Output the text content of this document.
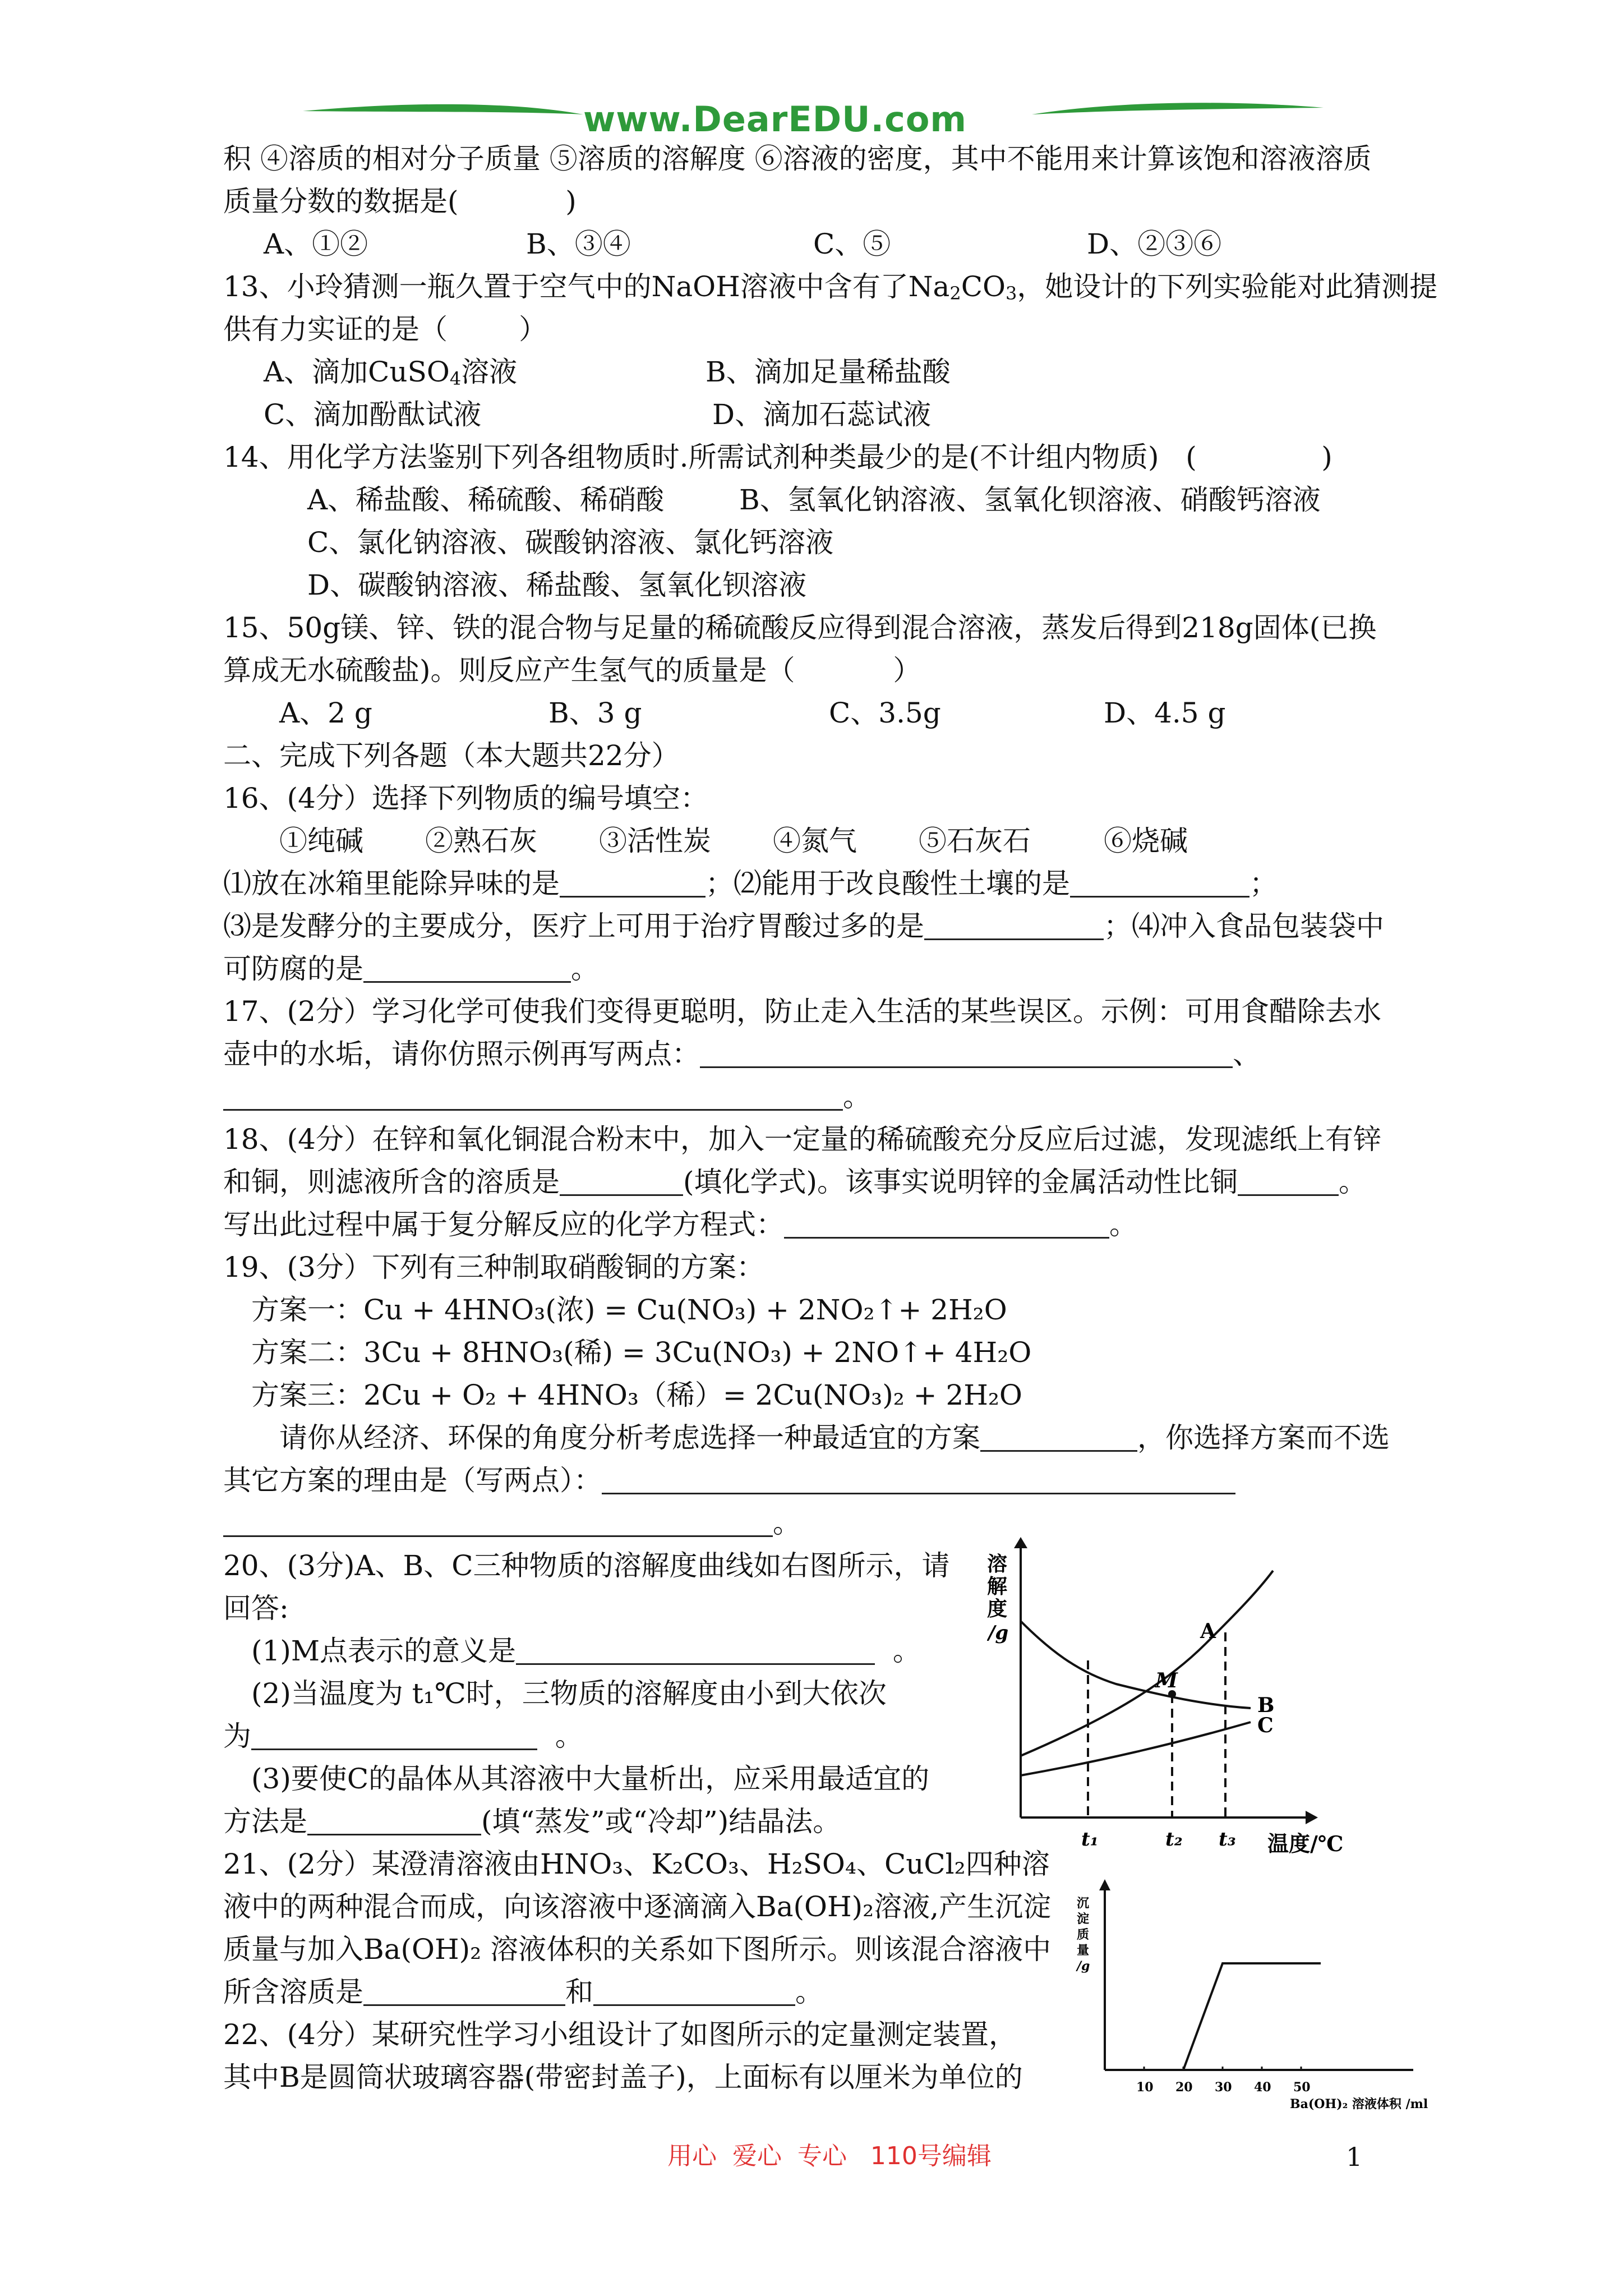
www.DearEDU.com
积 ④溶质的相对分子质量 ⑤溶质的溶解度 ⑥溶液的密度，其中不能用来计算该饱和溶液溶质
质量分数的数据是(            )
A、①②	B、③④	C、⑤	D、②③⑥
13、小玲猜测一瓶久置于空气中的NaOH溶液中含有了$Na_2CO_3$，她设计的下列实验能对此猜测提
供有力实证的是（        ）
A、滴加CuSO$_4$溶液	B、滴加足量稀盐酸
C、滴加酚酞试液	D、滴加石蕊试液
14、用化学方法鉴别下列各组物质时.所需试剂种类最少的是(不计组内物质)   (              )
A、稀盐酸、稀硫酸、稀硝酸	B、氢氧化钠溶液、氢氧化钡溶液、硝酸钙溶液
C、氯化钠溶液、碳酸钠溶液、氯化钙溶液
D、碳酸钠溶液、稀盐酸、氢氧化钡溶液
15、50g镁、锌、铁的混合物与足量的稀硫酸反应得到混合溶液，蒸发后得到218g固体(已换
算成无水硫酸盐)。则反应产生氢气的质量是（           ）
A、2 g	B、3 g	C、3.5g	D、4.5 g
二、完成下列各题（本大题共22分）
16、(4分）选择下列物质的编号填空：
①纯碱 ②熟石灰 ③活性炭 ④氮气 ⑤石灰石	⑥烧碱
⑴放在冰箱里能除异味的是	；⑵能用于改良酸性土壤的是	；
⑶是发酵分的主要成分，医疗上可用于治疗胃酸过多的是	；⑷冲入食品包装袋中
可防腐的是	。
17、(2分）学习化学可使我们变得更聪明，防止走入生活的某些误区。示例：可用食醋除去水
壶中的水垢，请你仿照示例再写两点：	、
。
18、(4分）在锌和氧化铜混合粉末中，加入一定量的稀硫酸充分反应后过滤，发现滤纸上有锌
和铜，则滤液所含的溶质是	(填化学式)。该事实说明锌的金属活动性比铜	。
写出此过程中属于复分解反应的化学方程式：	。
19、(3分）下列有三种制取硝酸铜的方案：
方案一：Cu + 4HNO₃(浓) = Cu(NO₃) + 2NO₂↑+ 2H₂O
方案二：3Cu + 8HNO₃(稀) = 3Cu(NO₃) + 2NO↑+ 4H₂O
方案三：2Cu + O₂ + 4HNO₃（稀）= 2Cu(NO₃)₂ + 2H₂O
请你从经济、环保的角度分析考虑选择一种最适宜的方案	，你选择方案而不选
其它方案的理由是（写两点）：
。
20、(3分)A、B、C三种物质的溶解度曲线如右图所示，请
回答:
(1)M点表示的意义是	。
(2)当温度为 t₁℃时，三物质的溶解度由小到大依次
为	。
(3)要使C的晶体从其溶液中大量析出，应采用最适宜的
方法是	(填“蒸发”或“冷却”)结晶法。
21、(2分）某澄清溶液由HNO₃、K₂CO₃、H₂SO₄、CuCl₂四种溶
液中的两种混合而成，向该溶液中逐滴滴入Ba(OH)₂溶液,产生沉淀
质量与加入Ba(OH)₂ 溶液体积的关系如下图所示。则该混合溶液中
所含溶质是	和	。
22、(4分）某研究性学习小组设计了如图所示的定量测定装置，
其中B是圆筒状玻璃容器(带密封盖子)，上面标有以厘米为单位的
溶
解
度
/g	A
B
C
M
t₁	t₂ t₃ 温度/℃
沉
淀
质
量
/g
10 20 30 40 50
Ba(OH)₂ 溶液体积 /ml
用心  爱心  专心   110号编辑	1
